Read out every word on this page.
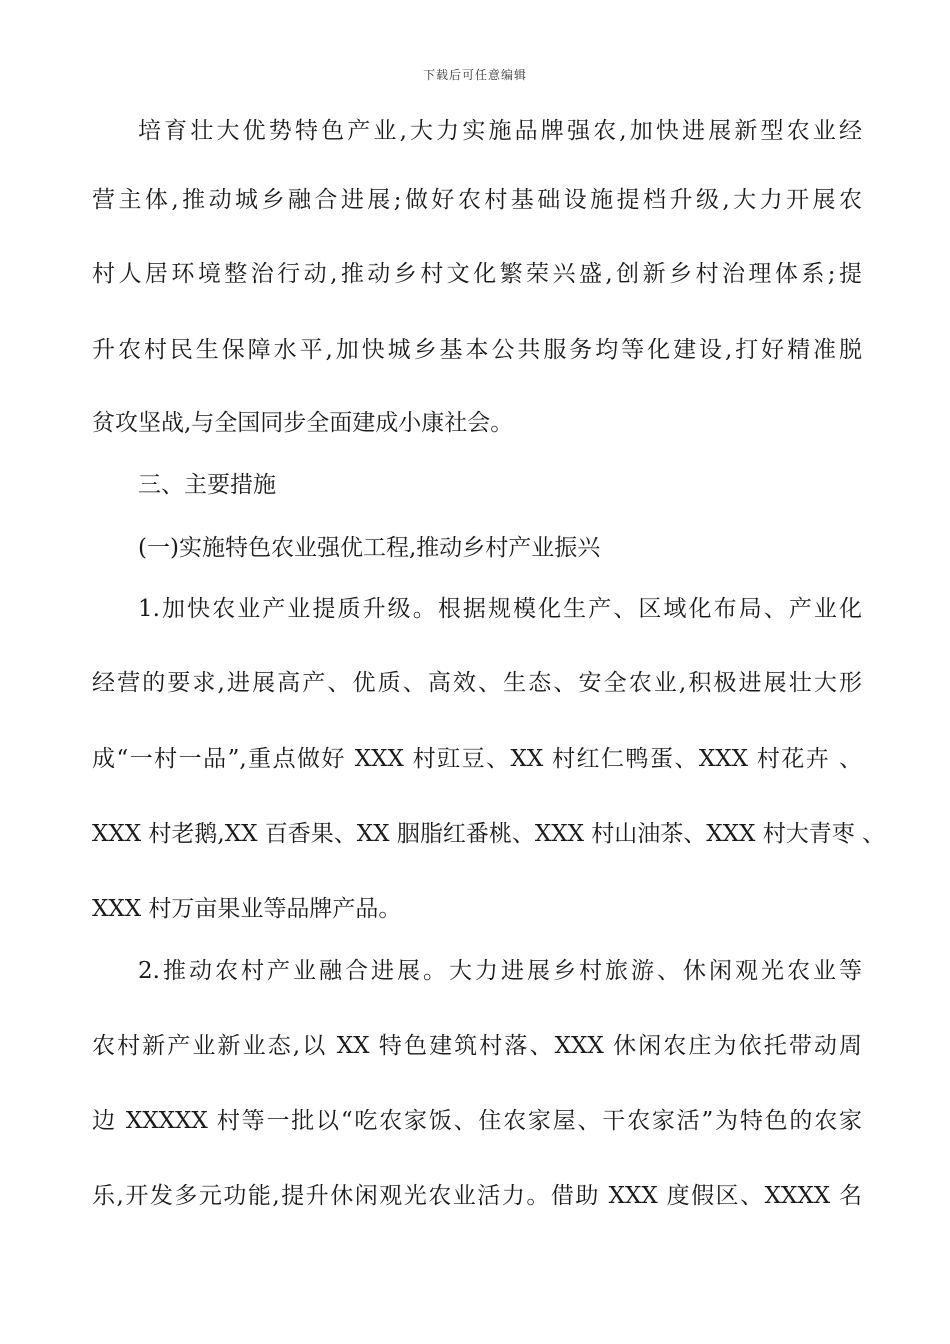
下载后可任意编辑
培育壮大优势特色产业,大力实施品牌强农,加快进展新型农业经
营主体,推动城乡融合进展;做好农村基础设施提档升级,大力开展农
村人居环境整治行动,推动乡村文化繁荣兴盛,创新乡村治理体系;提
升农村民生保障水平,加快城乡基本公共服务均等化建设,打好精准脱
贫攻坚战,与全国同步全面建成小康社会。
三、主要措施
(一)实施特色农业强优工程,推动乡村产业振兴
1.加快农业产业提质升级。根据规模化生产、区域化布局、产业化
经营的要求,进展高产、优质、高效、生态、安全农业,积极进展壮大形
成“一村一品”,重点做好 XXX 村豇豆、XX 村红仁鸭蛋、XXX 村花卉 、
XXX 村老鹅,XX 百香果、XX 胭脂红番桃、XXX 村山油茶、XXX 村大青枣 、
XXX 村万亩果业等品牌产品。
2.推动农村产业融合进展。大力进展乡村旅游、休闲观光农业等
农村新产业新业态,以 XX 特色建筑村落、XXX 休闲农庄为依托带动周
边 XXXXX 村等一批以“吃农家饭、住农家屋、干农家活”为特色的农家
乐,开发多元功能,提升休闲观光农业活力。借助 XXX 度假区、XXXX 名
